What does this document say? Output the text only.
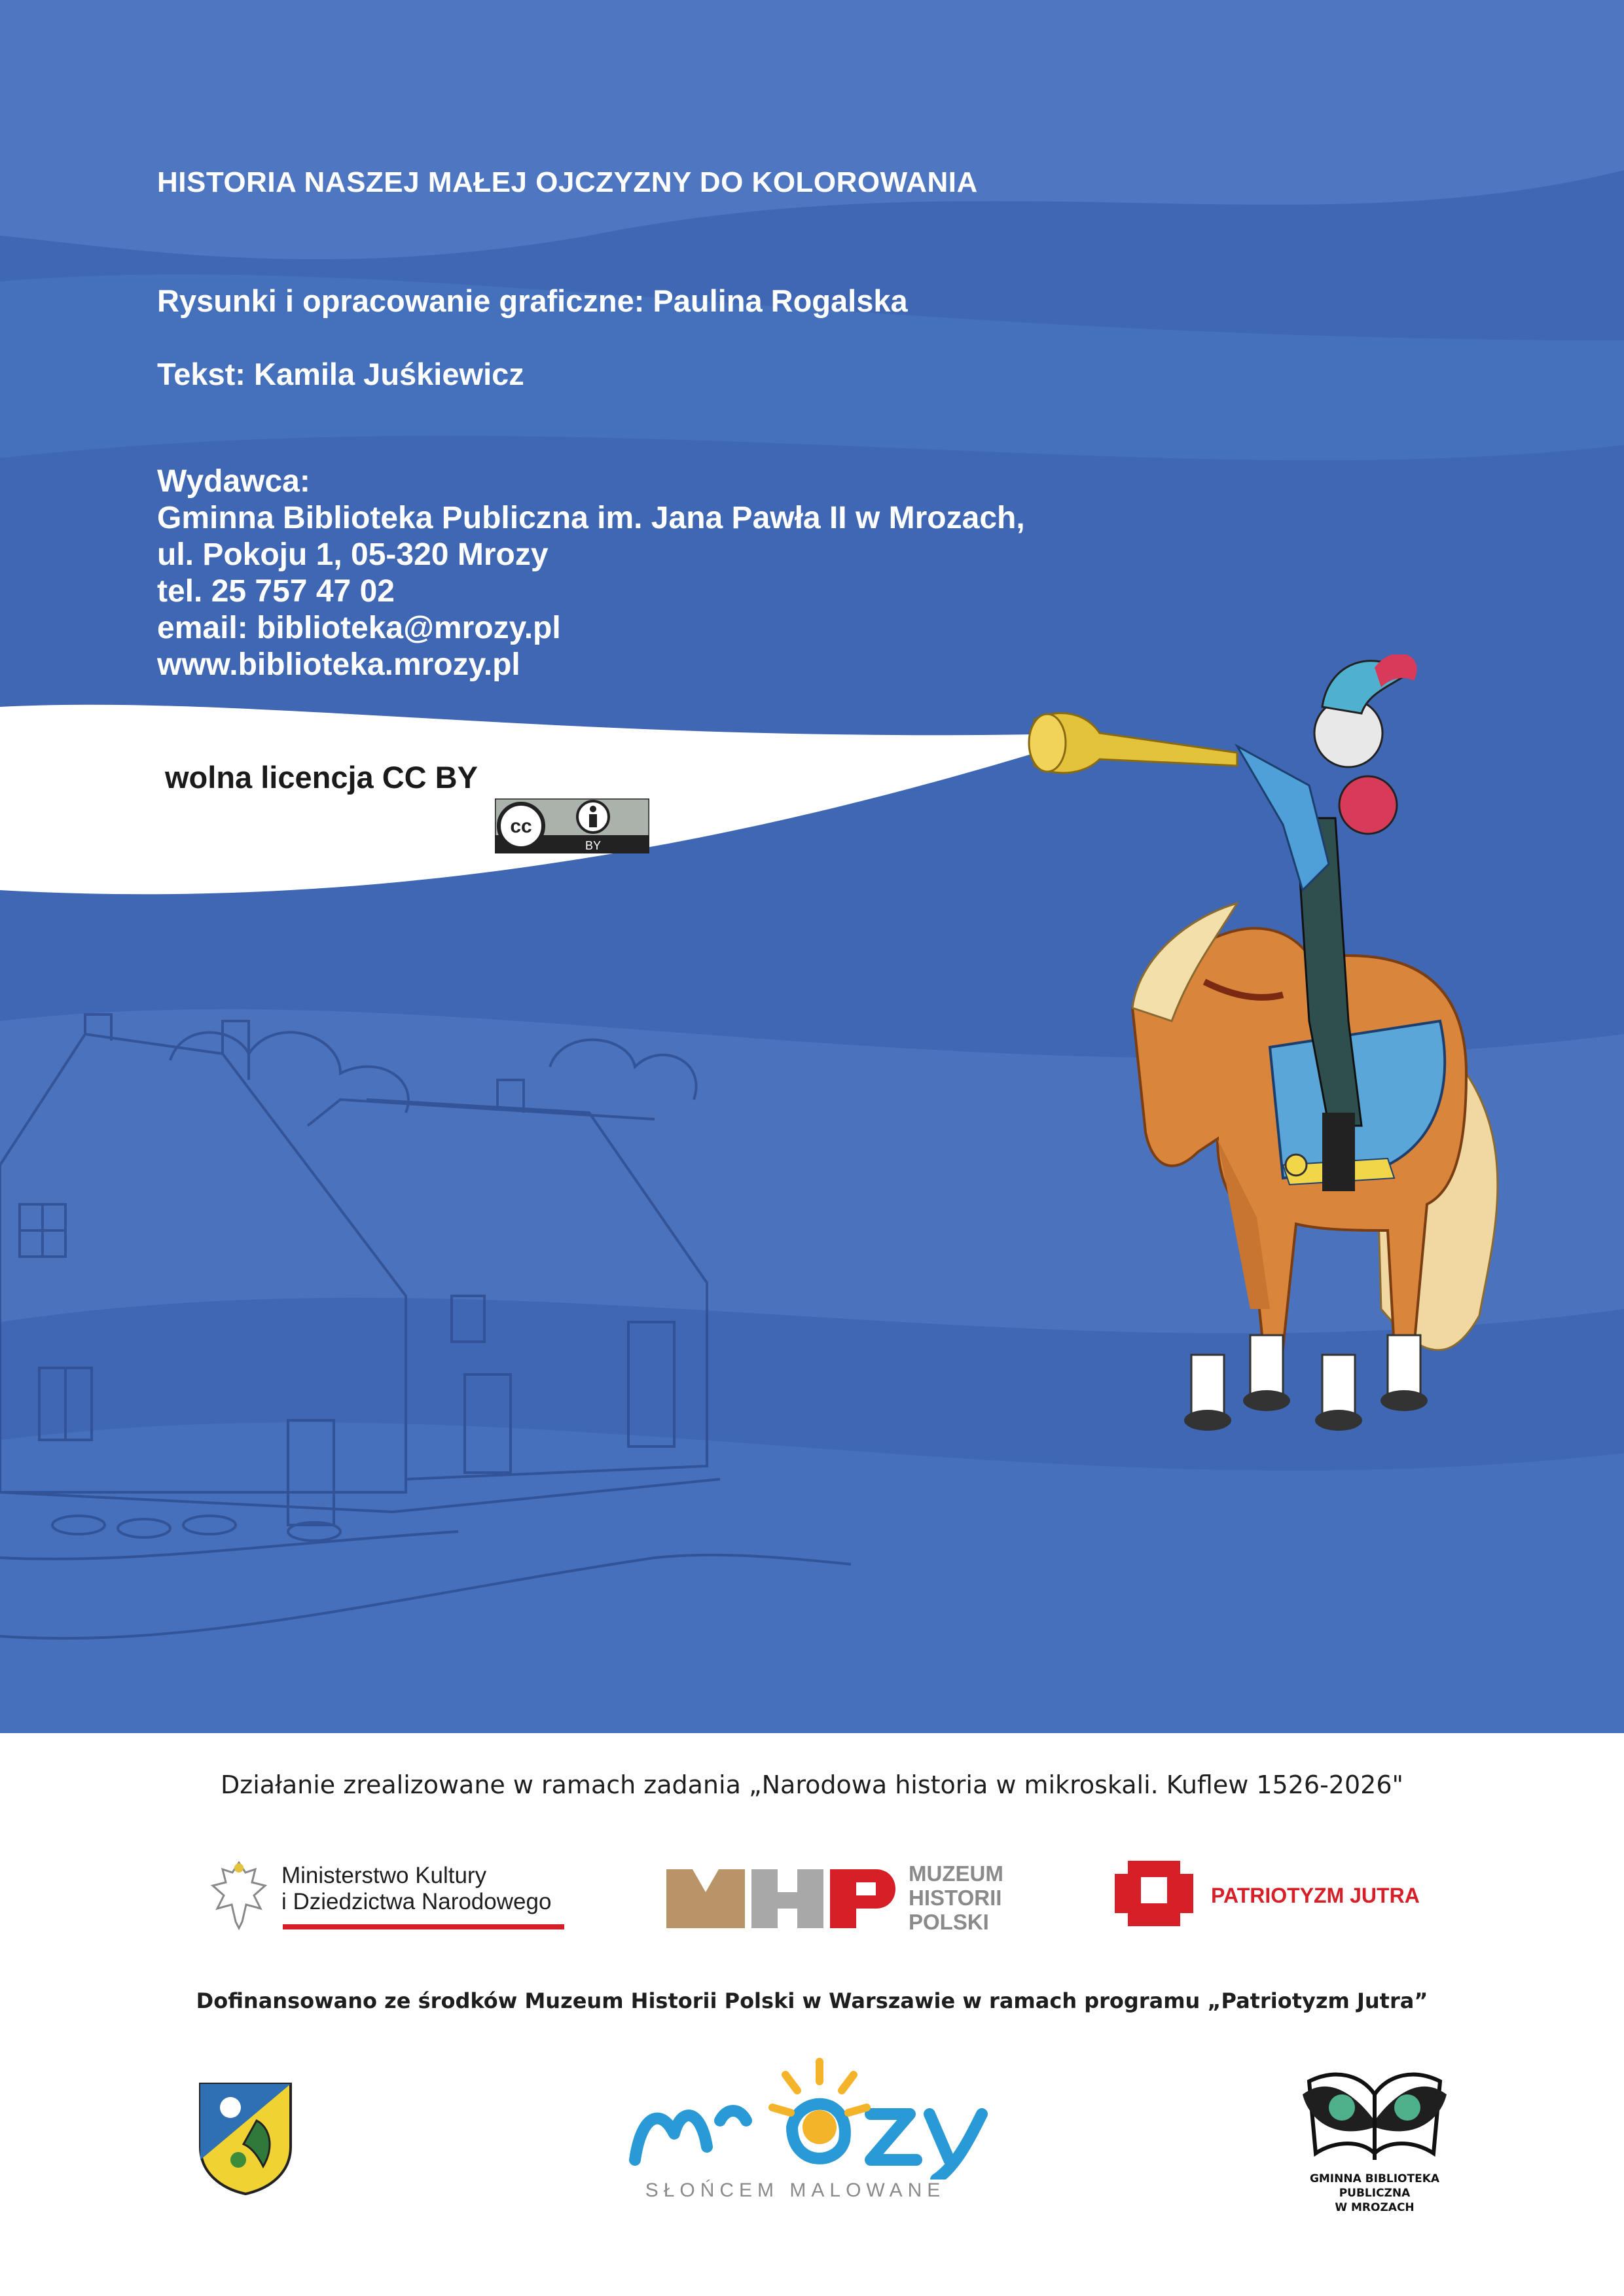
HISTORIA NASZEJ MAŁEJ OJCZYZNY DO KOLOROWANIA
Rysunki i opracowanie graficzne: Paulina Rogalska
Tekst: Kamila Juśkiewicz
Wydawca:
Gminna Biblioteka Publiczna im. Jana Pawła II w Mrozach,
ul. Pokoju 1, 05-320 Mrozy
tel. 25 757 47 02
email: biblioteka@mrozy.pl
www.biblioteka.mrozy.pl
wolna licencja CC BY
cc
BY
Działanie zrealizowane w ramach zadania „Narodowa historia w mikroskali. Kuflew 1526-2026"
Ministerstwo Kultury
i Dziedzictwa Narodowego
MUZEUM
HISTORII
POLSKI
PATRIOTYZM JUTRA
Dofinansowano ze środków Muzeum Historii Polski w Warszawie w ramach programu „Patriotyzm Jutra”
SŁOŃCEM MALOWANE
GMINNA BIBLIOTEKA PUBLICZNA
W MROZACH
